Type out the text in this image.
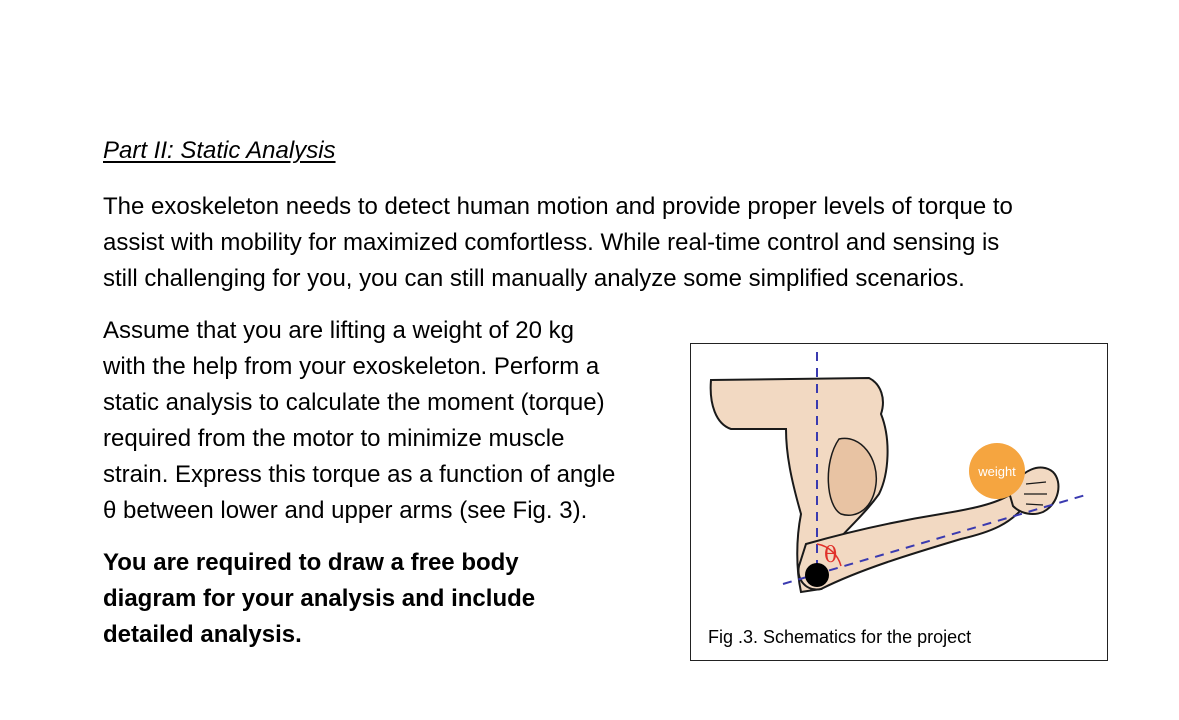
Part II: Static Analysis

The exoskeleton needs to detect human motion and provide proper levels of torque to
assist with mobility for maximized comfortless. While real-time control and sensing is
still challenging for you, you can still manually analyze some simplified scenarios.

Assume that you are lifting a weight of 20 kg
with the help from your exoskeleton. Perform a
static analysis to calculate the moment (torque)
required from the motor to minimize muscle
strain. Express this torque as a function of angle
θ between lower and upper arms (see Fig. 3).

You are required to draw a free body
diagram for your analysis and include
detailed analysis.

weight
θ

Fig .3. Schematics for the project
